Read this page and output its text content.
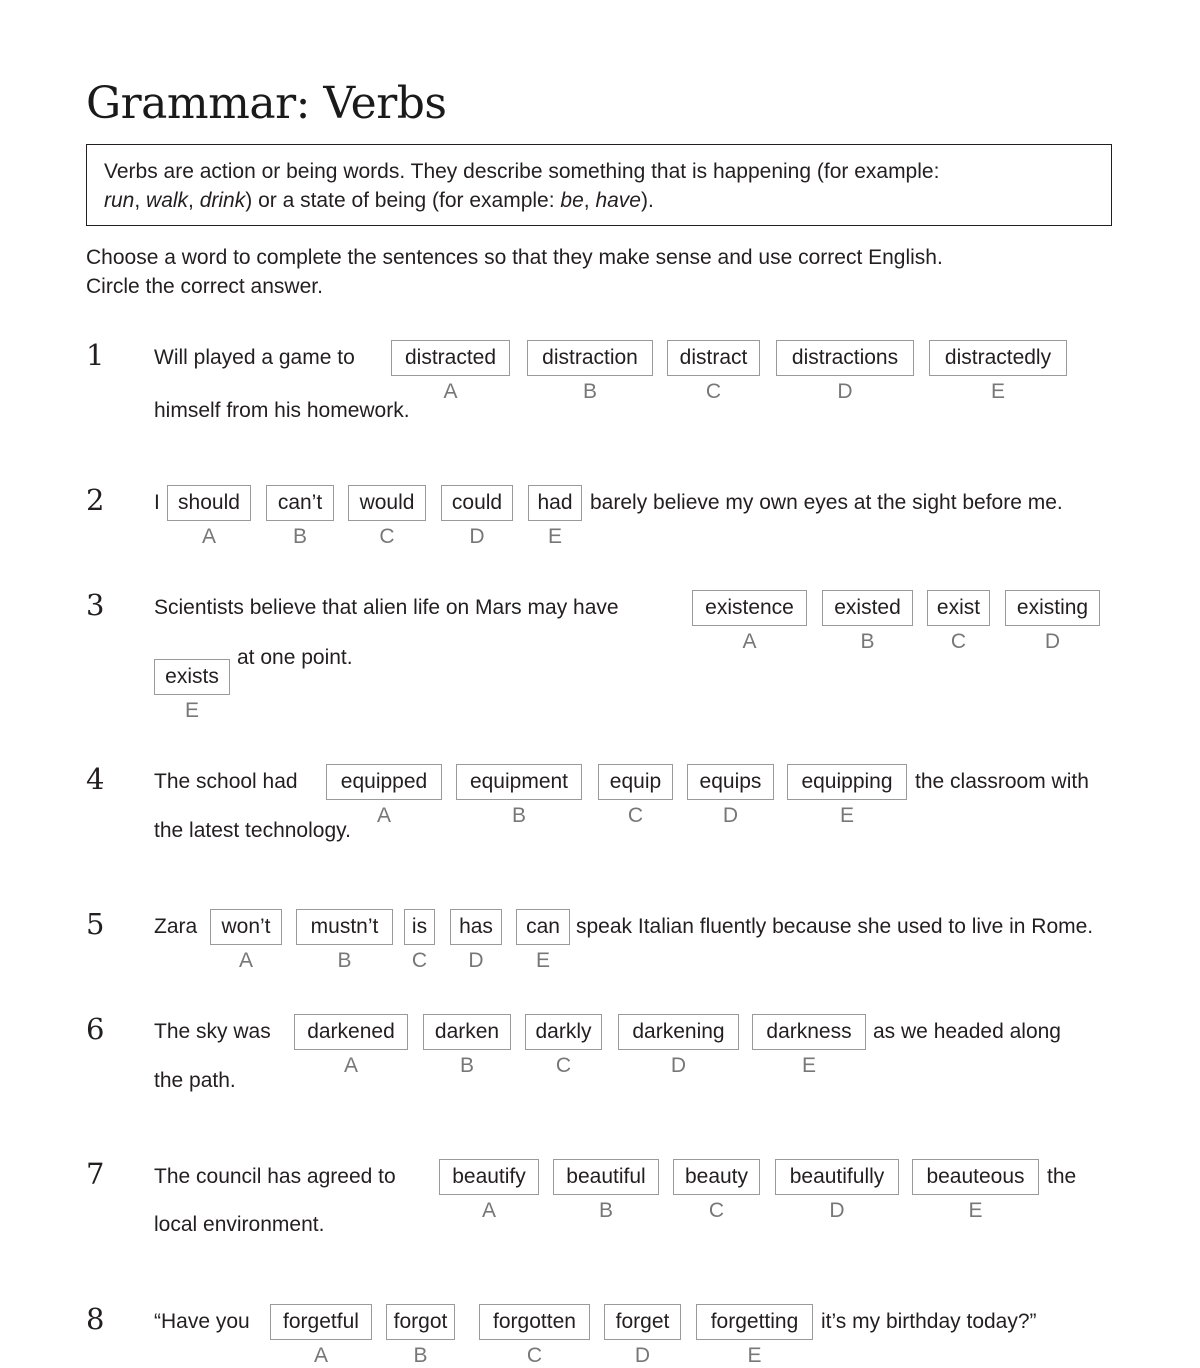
Grammar: Verbs
Verbs are action or being words. They describe something that is happening (for example:
run, walk, drink) or a state of being (for example: be, have).
Choose a word to complete the sentences so that they make sense and use correct English.
Circle the correct answer.
1 Will played a game to	distracted
A
distraction
B
distract
C
distractions
D
distractedly
E
himself from his homework.
2 I should
A
can’t
B
would
C
could
D
had
E
barely believe my own eyes at the sight before me.
3 Scientists believe that alien life on Mars may have	existence
A
existed
B
exist
C
existing
D
exists
E
at one point.
4 The school had	equipped
A
equipment
B
equip
C
equips
D
equipping
E
the classroom with
the latest technology.
5 Zara	won’t
A
mustn’t
B
is
C
has
D
can
E
speak Italian fluently because she used to live in Rome.
6 The sky was	darkened
A
darken
B
darkly
C
darkening
D
darkness
E
as we headed along
the path.
7 The council has agreed to	beautify
A
beautiful
B
beauty
C
beautifully
D
beauteous
E
the
local environment.
8 “Have you	forgetful
A
forgot
B
forgotten
C
forget
D
forgetting
E
it’s my birthday today?”
